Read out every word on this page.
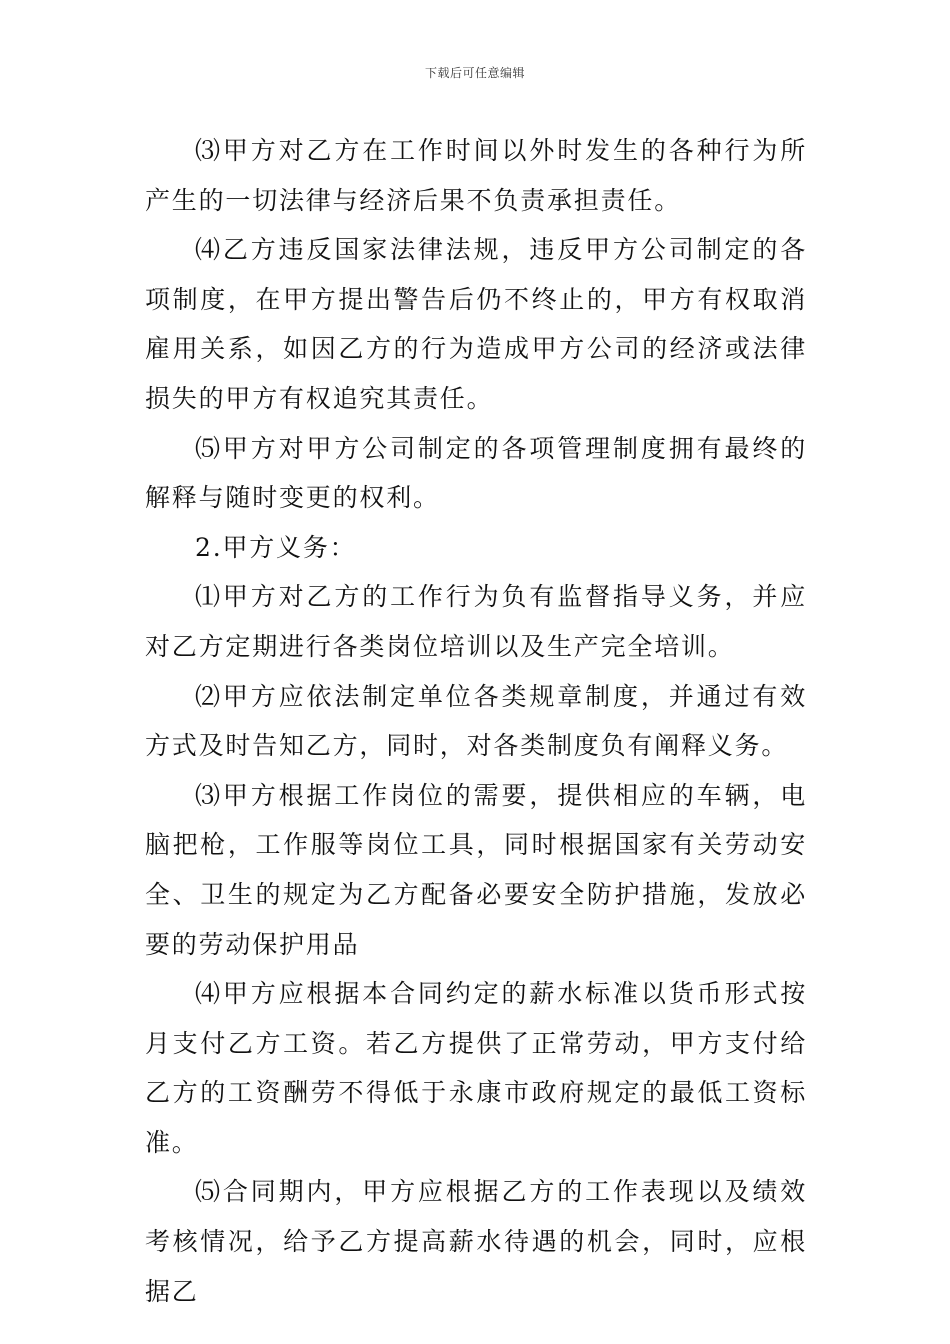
下载后可任意编辑

⑶甲方对乙方在工作时间以外时发生的各种行为所产生的一切法律与经济后果不负责承担责任。

⑷乙方违反国家法律法规，违反甲方公司制定的各项制度，在甲方提出警告后仍不终止的，甲方有权取消雇用关系，如因乙方的行为造成甲方公司的经济或法律损失的甲方有权追究其责任。

⑸甲方对甲方公司制定的各项管理制度拥有最终的解释与随时变更的权利。

2.甲方义务：

⑴甲方对乙方的工作行为负有监督指导义务，并应对乙方定期进行各类岗位培训以及生产完全培训。

⑵甲方应依法制定单位各类规章制度，并通过有效方式及时告知乙方，同时，对各类制度负有阐释义务。

⑶甲方根据工作岗位的需要，提供相应的车辆，电脑把枪，工作服等岗位工具，同时根据国家有关劳动安全、卫生的规定为乙方配备必要安全防护措施，发放必要的劳动保护用品

⑷甲方应根据本合同约定的薪水标准以货币形式按月支付乙方工资。若乙方提供了正常劳动，甲方支付给乙方的工资酬劳不得低于永康市政府规定的最低工资标准。

⑸合同期内，甲方应根据乙方的工作表现以及绩效考核情况，给予乙方提高薪水待遇的机会，同时，应根据乙
